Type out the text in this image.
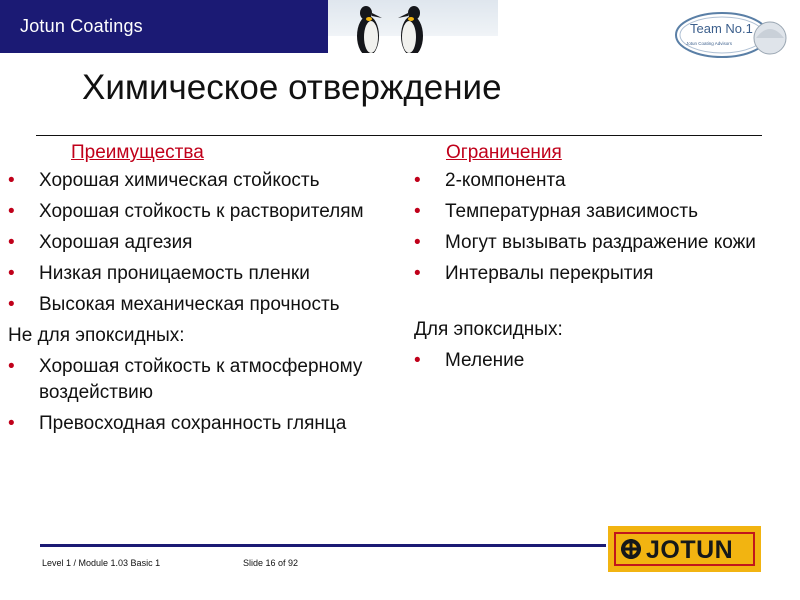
Jotun Coatings	Team No.1
Jotun Coating Advisors
Химическое отверждение
Преимущества
• Хорошая химическая стойкость
• Хорошая стойкость к растворителям
• Хорошая адгезия
• Низкая проницаемость пленки
• Высокая механическая прочность
Не для эпоксидных:
• Хорошая стойкость к атмосферному воздействию
• Превосходная сохранность глянца
Ограничения
• 2-компонента
• Температурная зависимость
• Могут вызывать раздражение кожи
• Интервалы перекрытия
Для эпоксидных:
• Меление
Level 1 / Module 1.03 Basic 1	Slide 16 of 92	JOTUN
